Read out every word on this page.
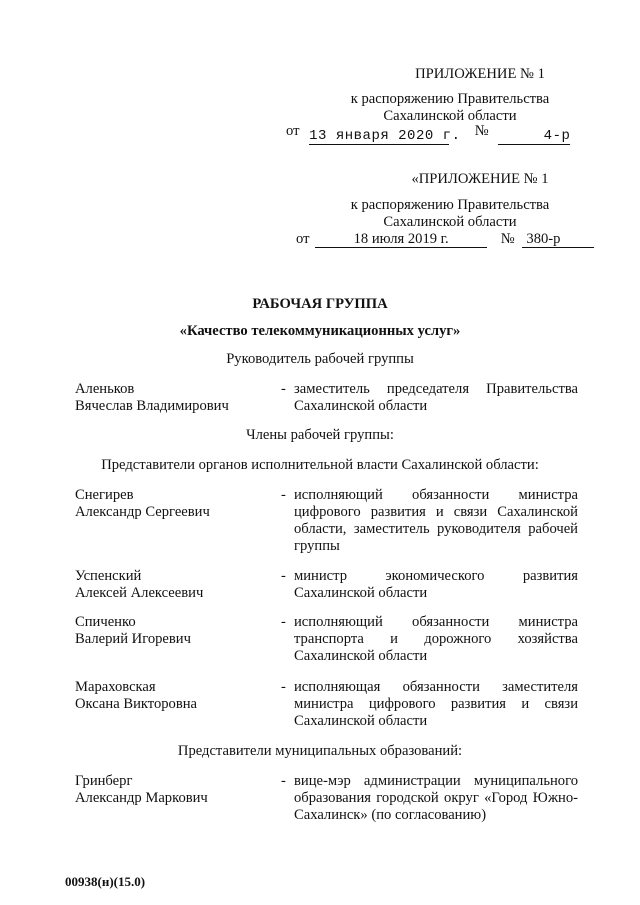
ПРИЛОЖЕНИЕ № 1
к распоряжению Правительства
Сахалинской области
от 13 января 2020 г. №	4-р
«ПРИЛОЖЕНИЕ № 1
к распоряжению Правительства
Сахалинской области
от	18 июля 2019 г.	№ 380-р
РАБОЧАЯ ГРУППА
«Качество телекоммуникационных услуг»
Руководитель рабочей группы
Аленьков
Вячеслав Владимирович
- заместитель председателя Правительства Сахалинской области
Члены рабочей группы:
Представители органов исполнительной власти Сахалинской области:
Снегирев
Александр Сергеевич
- исполняющий обязанности министра цифрового развития и связи Сахалинской области, заместитель руководителя рабочей группы
Успенский
Алексей Алексеевич
- министр экономического развития Сахалинской области
Спиченко
Валерий Игоревич
- исполняющий обязанности министра транспорта и дорожного хозяйства Сахалинской области
Мараховская
Оксана Викторовна
- исполняющая обязанности заместителя министра цифрового развития и связи Сахалинской области
Представители муниципальных образований:
Гринберг
Александр Маркович
- вице-мэр администрации муниципального образования городской округ «Город Южно-Сахалинск» (по согласованию)
00938(н)(15.0)
